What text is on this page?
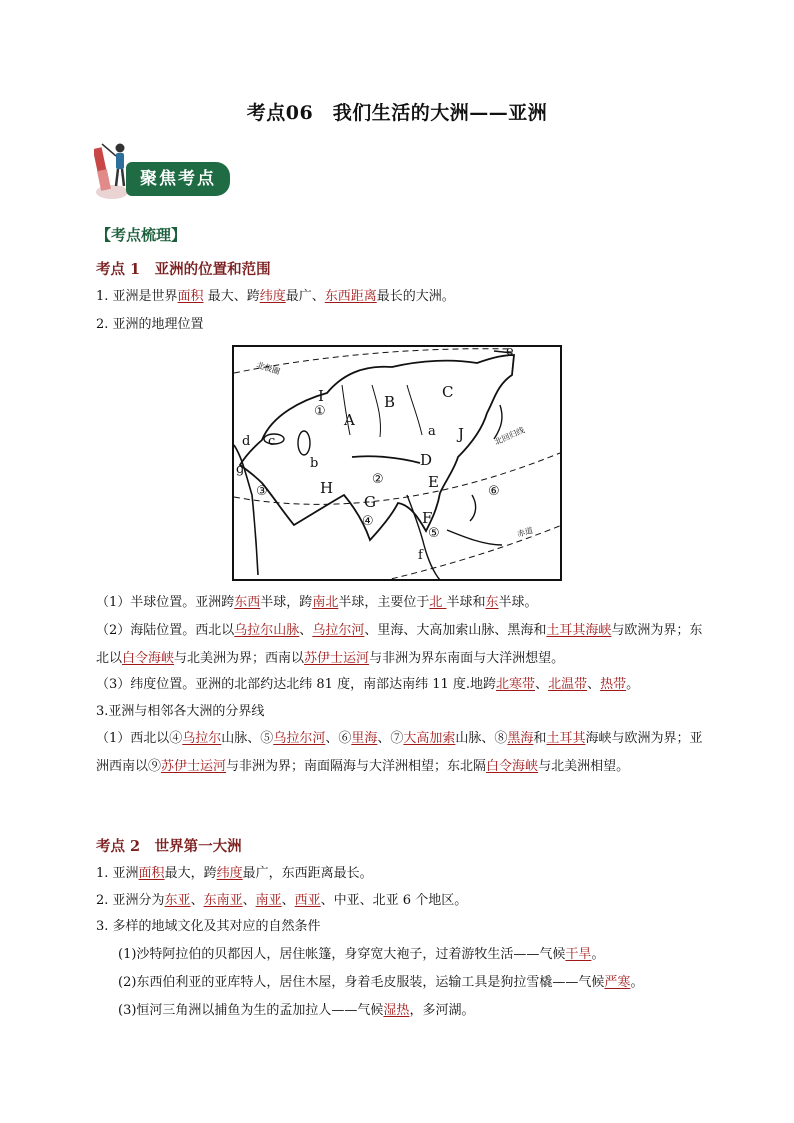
考点06　我们生活的大洲——亚洲
聚焦考点
【考点梳理】
考点 1　亚洲的位置和范围
1. 亚洲是世界面积 最大、跨纬度最广、东西距离最长的大洲。
2. 亚洲的地理位置
北极圈
北回归线
赤道
A
B
C
D
E
F
G
H
I
J
a
b
c
d
e
f
g
①
②
③
④
⑤
⑥
（1）半球位置。亚洲跨东西半球，跨南北半球，主要位于北 半球和东半球。
（2）海陆位置。西北以乌拉尔山脉、乌拉尔河、里海、大高加索山脉、黑海和土耳其海峡与欧洲为界；东北以白令海峡与北美洲为界；西南以苏伊士运河与非洲为界东南面与大洋洲想望。
（3）纬度位置。亚洲的北部约达北纬 81 度，南部达南纬 11 度.地跨北寒带、北温带、热带。
3.亚洲与相邻各大洲的分界线
（1）西北以④乌拉尔山脉、⑤乌拉尔河、⑥里海、⑦大高加索山脉、⑧黑海和土耳其海峡与欧洲为界；亚洲西南以⑨苏伊士运河与非洲为界；南面隔海与大洋洲相望；东北隔白令海峡与北美洲相望。
考点 2　世界第一大洲
1. 亚洲面积最大，跨纬度最广，东西距离最长。
2. 亚洲分为东亚、东南亚、南亚、西亚、中亚、北亚 6 个地区。
3. 多样的地域文化及其对应的自然条件
(1)沙特阿拉伯的贝都因人，居住帐篷，身穿宽大袍子，过着游牧生活——气候干旱。
(2)东西伯利亚的亚库特人，居住木屋，身着毛皮服装，运输工具是狗拉雪橇——气候严寒。
(3)恒河三角洲以捕鱼为生的孟加拉人——气候湿热，多河湖。
